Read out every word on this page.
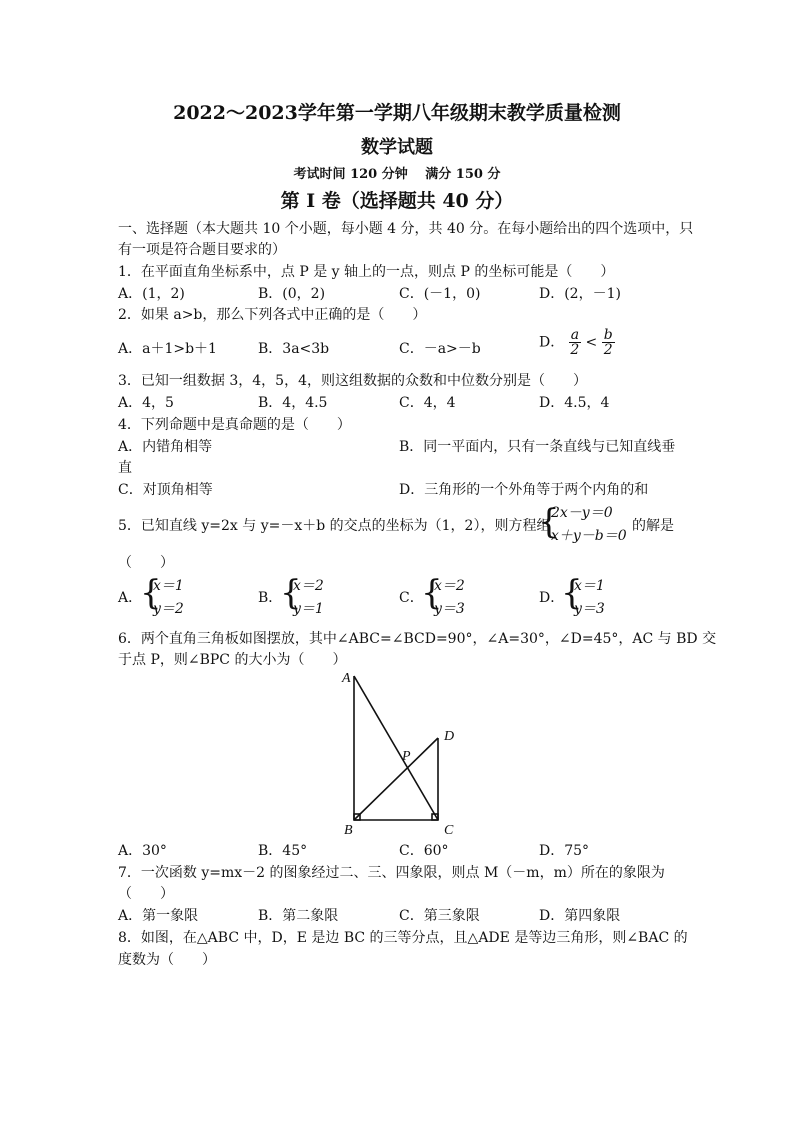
2022～2023学年第一学期八年级期末教学质量检测
数学试题
考试时间 120 分钟　 满分 150 分
第 I 卷（选择题共 40 分）
一、选择题（本大题共 10 个小题，每小题 4 分，共 40 分。在每小题给出的四个选项中，只
有一项是符合题目要求的）
1．在平面直角坐标系中，点 P 是 y 轴上的一点，则点 P 的坐标可能是（　　）
A．(1，2)	B．(0，2)	C．(－1，0)	D．(2，－1)
2．如果 a>b，那么下列各式中正确的是（　　）
A．a＋1>b＋1	B．3a<3b	C．－a>－b	D． $\frac{a}{2} < \frac{b}{2}$
3．已知一组数据 3，4，5，4，则这组数据的众数和中位数分别是（　　）
A．4，5	B．4，4.5	C．4，4	D．4.5，4
4．下列命题中是真命题的是（　　）
A．内错角相等	B．同一平面内，只有一条直线与已知直线垂
直
C．对顶角相等	D．三角形的一个外角等于两个内角的和
5．已知直线 y=2x 与 y=－x＋b 的交点的坐标为（1，2），则方程组
{
2x－y＝0
x＋y－b＝0
的解是
（　　）
A．
{
x＝1
y＝2
B．
{
x＝2
y＝1
C．
{
x＝2
y＝3
D．
{
x＝1
y＝3
6．两个直角三角板如图摆放，其中∠ABC=∠BCD=90°，∠A=30°，∠D=45°，AC 与 BD 交
于点 P，则∠BPC 的大小为（　　）
A
B	C
D
P
A．30°	B．45°	C．60°	D．75°
7．一次函数 y=mx－2 的图象经过二、三、四象限，则点 M（－m，m）所在的象限为
（　　）
A．第一象限	B．第二象限	C．第三象限	D．第四象限
8．如图，在△ABC 中，D，E 是边 BC 的三等分点，且△ADE 是等边三角形，则∠BAC 的
度数为（　　）
